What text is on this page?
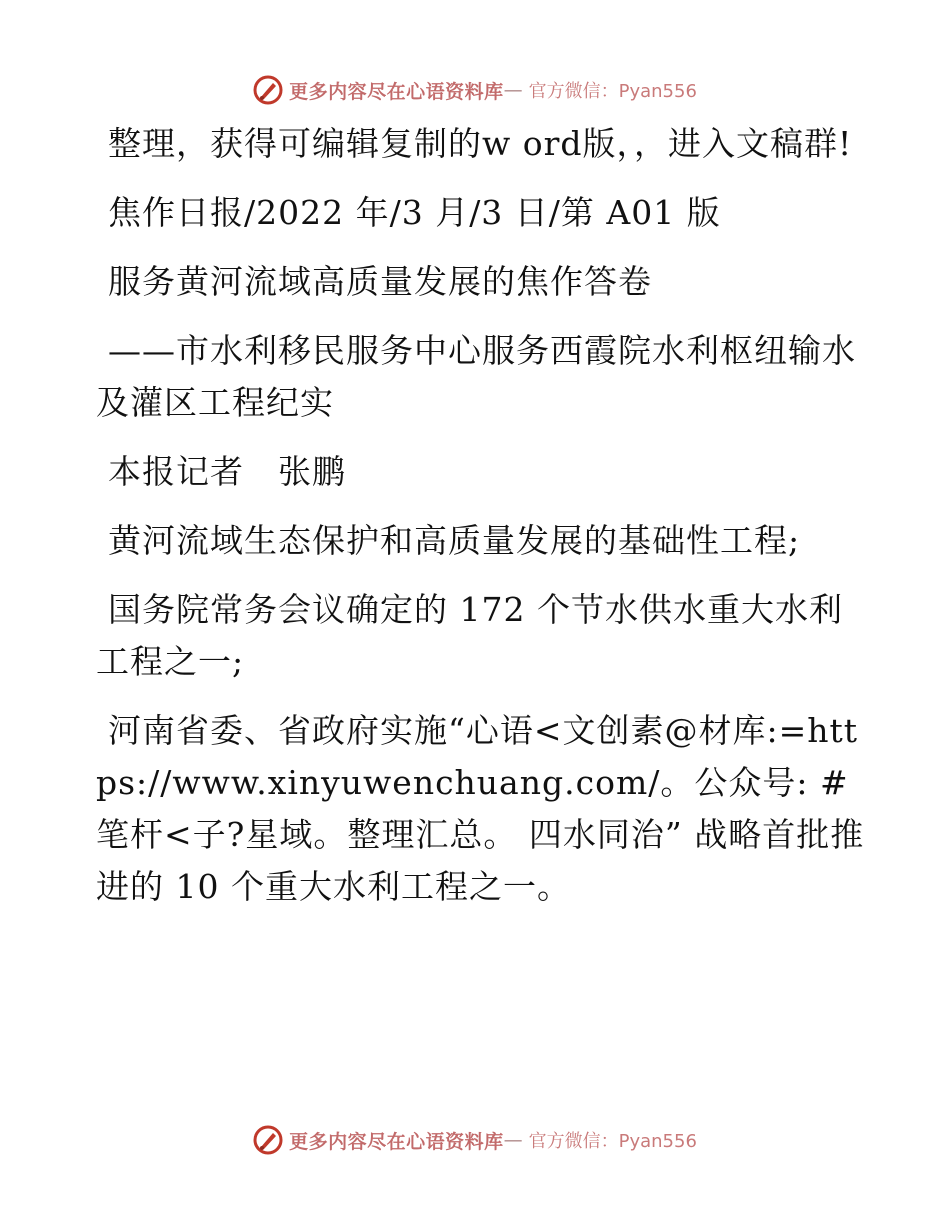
更多内容尽在心语资料库 — 官方微信：Pyan556

整理，获得可编辑复制的w ord版，，进入文稿群!

焦作日报/2022 年/3 月/3 日/第 A01 版

服务黄河流域高质量发展的焦作答卷

——市水利移民服务中心服务西霞院水利枢纽输水及灌区工程纪实

本报记者　张鹏

黄河流域生态保护和高质量发展的基础性工程;

国务院常务会议确定的 172 个节水供水重大水利工程之一;

河南省委、省政府实施“心语<文创素@材库:=https://www.xinyuwenchuang.com/。公众号: #笔杆<子?星域。整理汇总。 四水同治” 战略首批推进的 10 个重大水利工程之一。

更多内容尽在心语资料库 — 官方微信：Pyan556
